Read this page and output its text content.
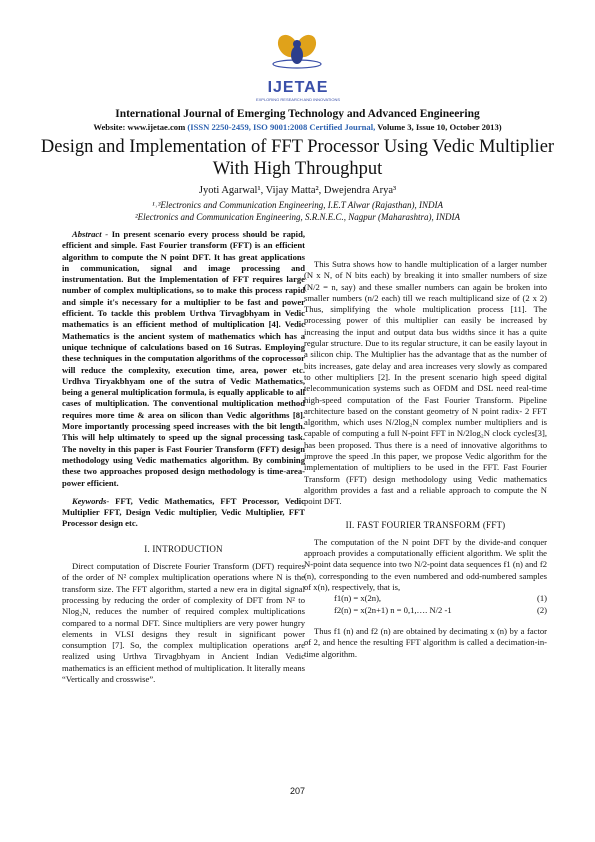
IJETAE
EXPLORING RESEARCH AND INNOVATIONS
International Journal of Emerging Technology and Advanced Engineering
Website: www.ijetae.com (ISSN 2250-2459, ISO 9001:2008 Certified Journal, Volume 3, Issue 10, October 2013)
Design and Implementation of FFT Processor Using Vedic Multiplier With High Throughput
Jyoti Agarwal¹, Vijay Matta², Dwejendra Arya³
¹˒³Electronics and Communication Engineering, I.E.T Alwar (Rajasthan), INDIA
²Electronics and Communication Engineering, S.R.N.E.C., Nagpur (Maharashtra), INDIA

Abstract - In present scenario every process should be rapid, efficient and simple. Fast Fourier transform (FFT) is an efficient algorithm to compute the N point DFT. It has great applications in communication, signal and image processing and instrumentation. But the Implementation of FFT requires large number of complex multiplications, so to make this process rapid and simple it's necessary for a multiplier to be fast and power efficient. To tackle this problem Urthva Tirvagbhyam in Vedic mathematics is an efficient method of multiplication [4]. Vedic Mathematics is the ancient system of mathematics which has a unique technique of calculations based on 16 Sutras. Employing these techniques in the computation algorithms of the coprocessor will reduce the complexity, execution time, area, power etc. Urdhva Tiryakbhyam one of the sutra of Vedic Mathematics, being a general multiplication formula, is equally applicable to all cases of multiplication. The conventional multiplication method requires more time & area on silicon than Vedic algorithms [8]. More importantly processing speed increases with the bit length. This will help ultimately to speed up the signal processing task. The novelty in this paper is Fast Fourier Transform (FFT) design methodology using Vedic mathematics algorithm. By combining these two approaches proposed design methodology is time-area-power efficient.

Keywords- FFT, Vedic Mathematics, FFT Processor, Vedic Multiplier FFT, Design Vedic multiplier, Vedic Multiplier, FFT Processor design etc.

I. INTRODUCTION

Direct computation of Discrete Fourier Transform (DFT) requires of the order of N² complex multiplication operations where N is the transform size. The FFT algorithm, started a new era in digital signal processing by reducing the order of complexity of DFT from N² to Nlog₂N, reduces the number of required complex multiplications compared to a normal DFT. Since multipliers are very power hungry elements in VLSI designs they result in significant power consumption [7]. So, the complex multiplication operations are realized using Urthva Tirvagbhyam in Ancient Indian Vedic mathematics is an efficient method of multiplication. It literally means “Vertically and crosswise”.

This Sutra shows how to handle multiplication of a larger number (N x N, of N bits each) by breaking it into smaller numbers of size (N/2 = n, say) and these smaller numbers can again be broken into smaller numbers (n/2 each) till we reach multiplicand size of (2 x 2) Thus, simplifying the whole multiplication process [11]. The processing power of this multiplier can easily be increased by increasing the input and output data bus widths since it has a quite regular structure. Due to its regular structure, it can be easily layout in a silicon chip. The Multiplier has the advantage that as the number of bits increases, gate delay and area increases very slowly as compared to other multipliers [2]. In the present scenario high speed digital telecommunication systems such as OFDM and DSL need real-time high-speed computation of the Fast Fourier Transform. Pipeline architecture based on the constant geometry of N point radix- 2 FFT algorithm, which uses N/2log₂N complex number multipliers and is capable of computing a full N-point FFT in N/2log₂N clock cycles[3], has been proposed. Thus there is a need of innovative algorithms to improve the speed .In this paper, we propose Vedic algorithm for the implementation of multipliers to be used in the FFT. Fast Fourier Transform (FFT) design methodology using Vedic mathematics algorithm provides a fast and a reliable approach to compute the N point DFT.

II. FAST FOURIER TRANSFORM (FFT)

The computation of the N point DFT by the divide-and conquer approach provides a computationally efficient algorithm. We split the N-point data sequence into two N/2-point data sequences f1 (n) and f2 (n), corresponding to the even numbered and odd-numbered samples of x(n), respectively, that is,

f1(n) = x(2n),	(1)
f2(n) = x(2n+1) n = 0,1,…. N/2 -1	(2)

Thus f1 (n) and f2 (n) are obtained by decimating x (n) by a factor of 2, and hence the resulting FFT algorithm is called a decimation-in-time algorithm.

207
